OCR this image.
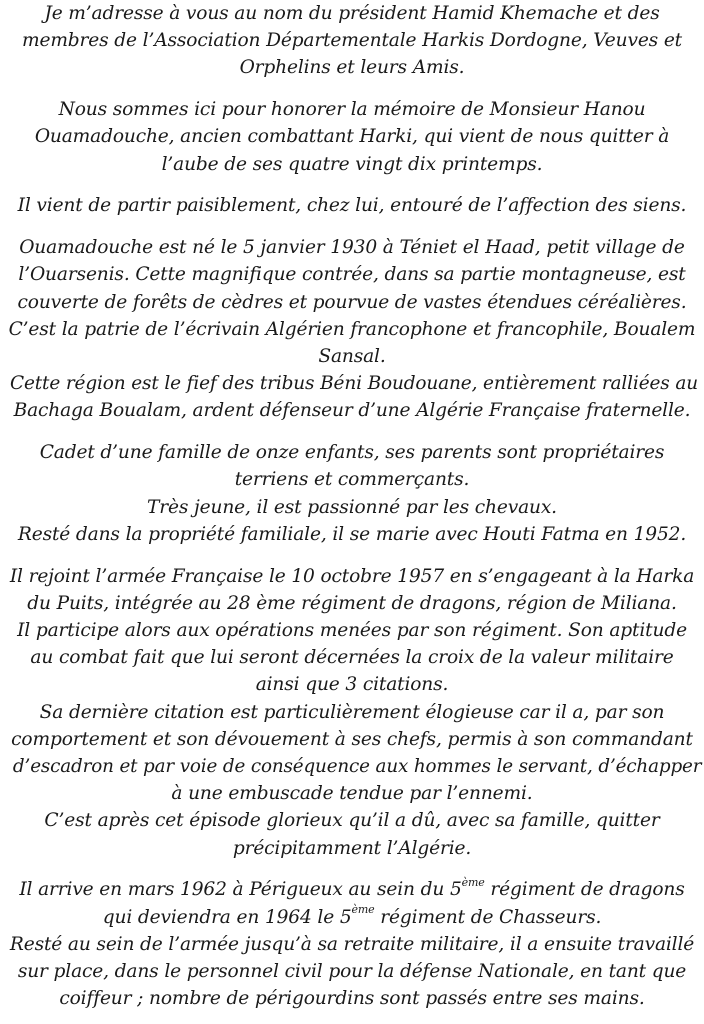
Je m’adresse à vous au nom du président Hamid Khemache et des
membres de l’Association Départementale Harkis Dordogne, Veuves et
Orphelins et leurs Amis.

Nous sommes ici pour honorer la mémoire de Monsieur Hanou
Ouamadouche, ancien combattant Harki, qui vient de nous quitter à
l’aube de ses quatre vingt dix printemps.

Il vient de partir paisiblement, chez lui, entouré de l’affection des siens.

Ouamadouche est né le 5 janvier 1930 à Téniet el Haad, petit village de
l’Ouarsenis. Cette magnifique contrée, dans sa partie montagneuse, est
couverte de forêts de cèdres et pourvue de vastes étendues céréalières.
C’est la patrie de l’écrivain Algérien francophone et francophile, Boualem
Sansal.
Cette région est le fief des tribus Béni Boudouane, entièrement ralliées au
Bachaga Boualam, ardent défenseur d’une Algérie Française fraternelle.

Cadet d’une famille de onze enfants, ses parents sont propriétaires
terriens et commerçants.
Très jeune, il est passionné par les chevaux.
Resté dans la propriété familiale, il se marie avec Houti Fatma en 1952.

Il rejoint l’armée Française le 10 octobre 1957 en s’engageant à la Harka
du Puits, intégrée au 28 ème régiment de dragons, région de Miliana.
Il participe alors aux opérations menées par son régiment. Son aptitude
au combat fait que lui seront décernées la croix de la valeur militaire
ainsi que 3 citations.
Sa dernière citation est particulièrement élogieuse car il a, par son
comportement et son dévouement à ses chefs, permis à son commandant
d’escadron et par voie de conséquence aux hommes le servant, d’échapper
à une embuscade tendue par l’ennemi.
C’est après cet épisode glorieux qu’il a dû, avec sa famille, quitter
précipitamment l’Algérie.

Il arrive en mars 1962 à Périgueux au sein du 5ème régiment de dragons
qui deviendra en 1964 le 5ème régiment de Chasseurs.
Resté au sein de l’armée jusqu’à sa retraite militaire, il a ensuite travaillé
sur place, dans le personnel civil pour la défense Nationale, en tant que
coiffeur ; nombre de périgourdins sont passés entre ses mains.
